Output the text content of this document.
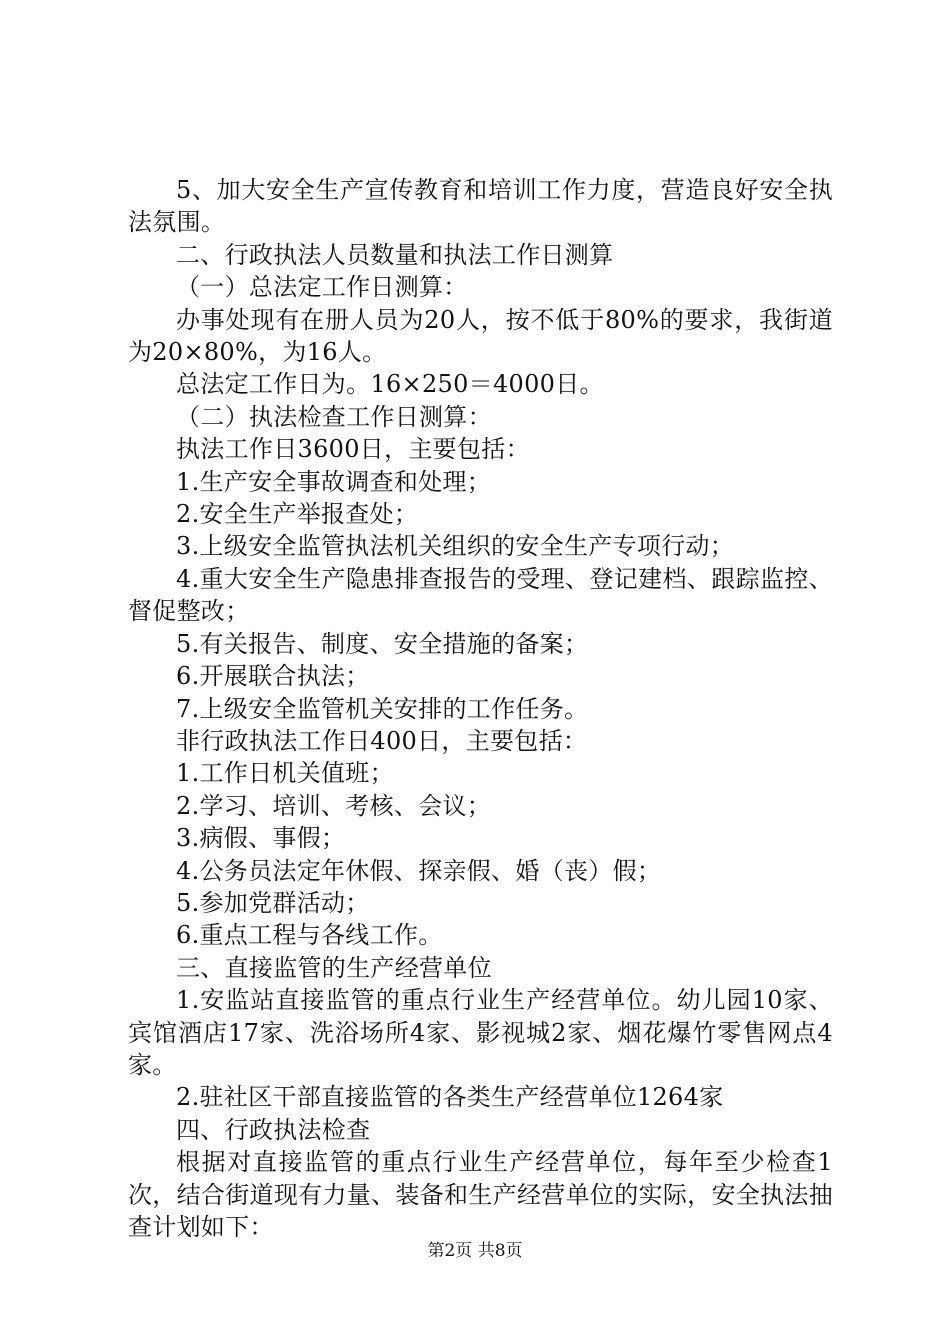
5、加大安全生产宣传教育和培训工作力度，营造良好安全执法氛围。

二、行政执法人员数量和执法工作日测算

（一）总法定工作日测算：

办事处现有在册人员为20人，按不低于80%的要求，我街道为20×80%，为16人。

总法定工作日为。16×250＝4000日。

（二）执法检查工作日测算：

执法工作日3600日，主要包括：

1.生产安全事故调查和处理；

2.安全生产举报查处；

3.上级安全监管执法机关组织的安全生产专项行动；

4.重大安全生产隐患排查报告的受理、登记建档、跟踪监控、督促整改；

5.有关报告、制度、安全措施的备案；

6.开展联合执法；

7.上级安全监管机关安排的工作任务。

非行政执法工作日400日，主要包括：

1.工作日机关值班；

2.学习、培训、考核、会议；

3.病假、事假；

4.公务员法定年休假、探亲假、婚（丧）假；

5.参加党群活动；

6.重点工程与各线工作。

三、直接监管的生产经营单位

1.安监站直接监管的重点行业生产经营单位。幼儿园10家、宾馆酒店17家、洗浴场所4家、影视城2家、烟花爆竹零售网点4家。

2.驻社区干部直接监管的各类生产经营单位1264家

四、行政执法检查

根据对直接监管的重点行业生产经营单位，每年至少检查1次，结合街道现有力量、装备和生产经营单位的实际，安全执法抽查计划如下：

第2页 共8页
